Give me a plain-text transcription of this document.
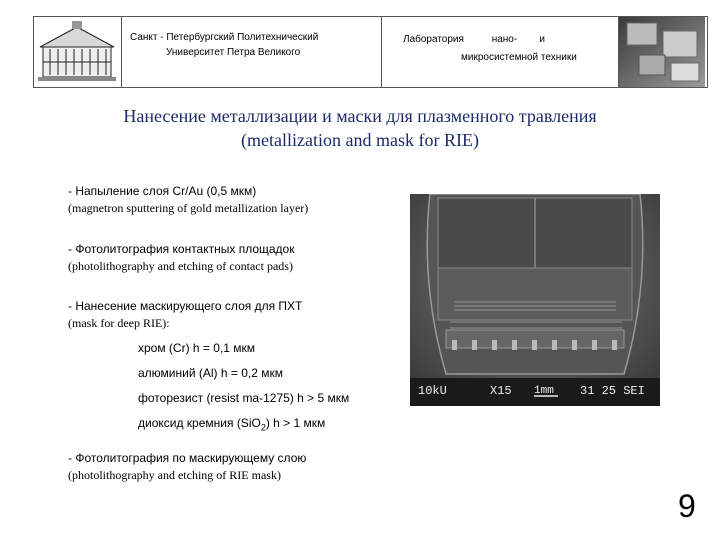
Санкт - Петербургский Политехнический
Университет Петра Великого
Лаборатория          нано-        и
микросистемной техники
Нанесение металлизации и маски для плазменного травления
(metallization and mask for RIE)
- Напыление слоя Cr/Au (0,5 мкм)
(magnetron sputtering of gold metallization layer)
- Фотолитография контактных площадок
(photolithography and etching of contact pads)
- Нанесение маскирующего слоя для ПХТ
(mask for deep RIE):
хром (Cr) h = 0,1 мкм
алюминий (Al) h = 0,2 мкм
фоторезист (resist ma-1275) h > 5 мкм
диоксид кремния (SiO$_2$) h > 1 мкм
- Фотолитография по маскирующему слою
(photolithography and etching of RIE mask)
10kU	X15 1mm 31 25 SEI
9
